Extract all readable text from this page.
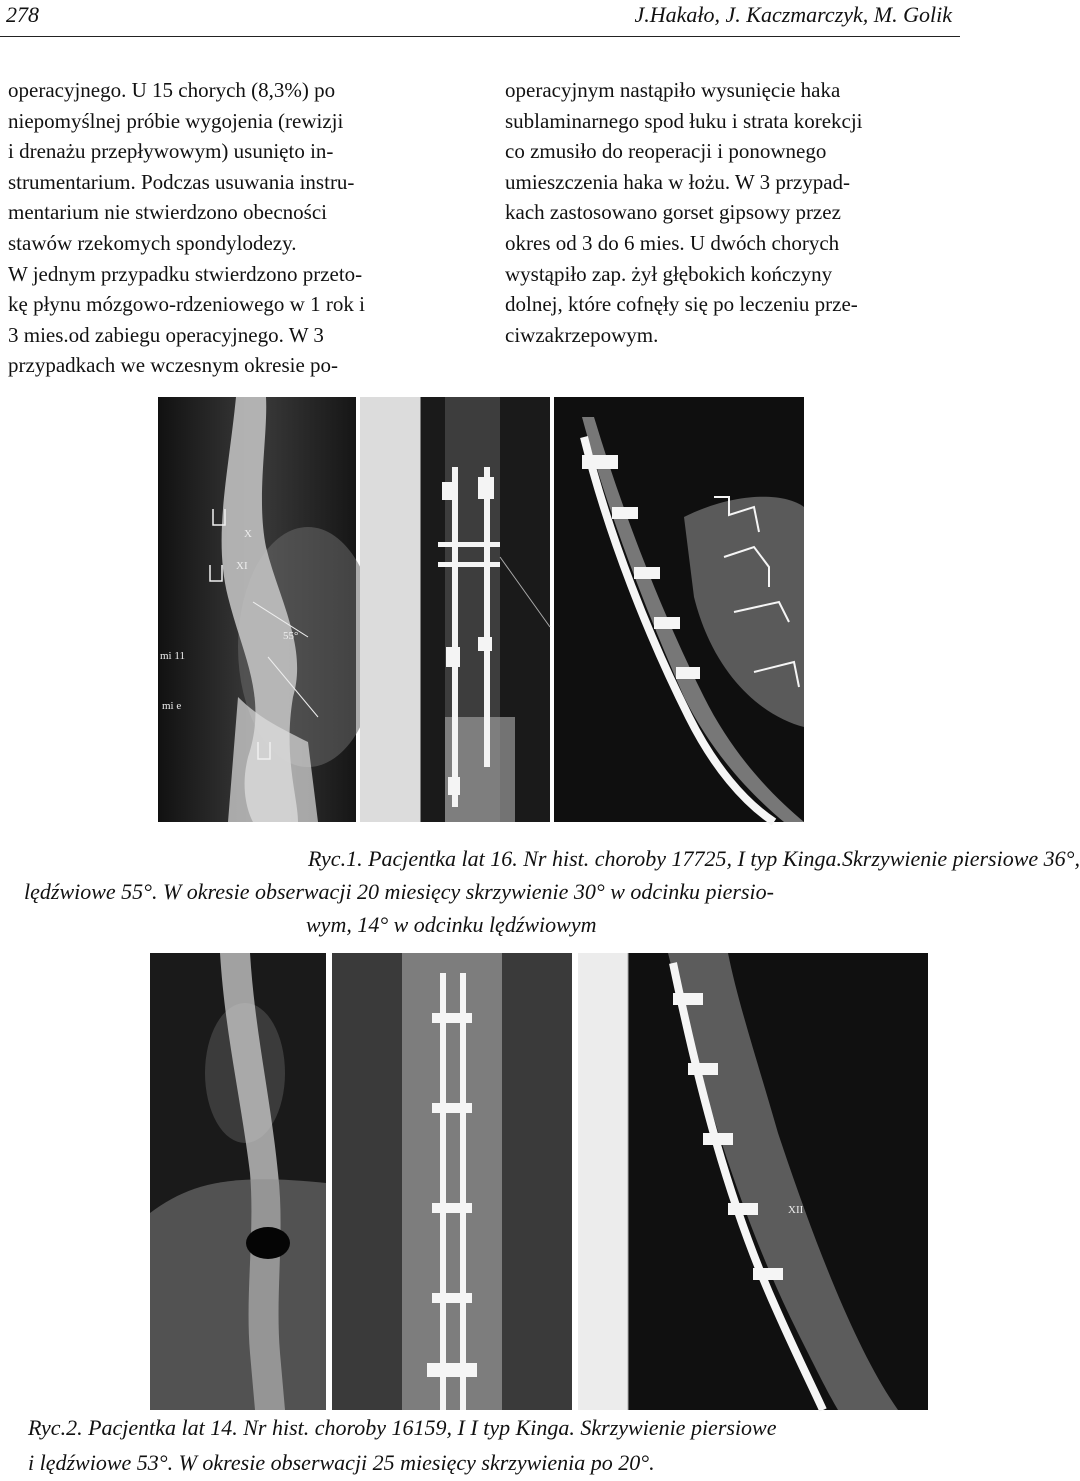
278	J.Hakało, J. Kaczmarczyk, M. Golik

operacyjnego. U 15 chorych (8,3%) po

niepomyślnej próbie wygojenia (rewizji

i drenażu przepływowym) usunięto in-

strumentarium. Podczas usuwania instru-

mentarium nie stwierdzono obecności

stawów rzekomych spondylodezy.

W jednym przypadku stwierdzono przeto-

kę płynu mózgowo-rdzeniowego w 1 rok i

3 mies.od zabiegu operacyjnego. W 3

przypadkach we wczesnym okresie po-

operacyjnym nastąpiło wysunięcie haka

sublaminarnego spod łuku i strata korekcji

co zmusiło do reoperacji i ponownego

umieszczenia haka w łożu. W 3 przypad-

kach zastosowano gorset gipsowy przez

okres od 3 do 6 mies. U dwóch chorych

wystąpiło zap. żył głębokich kończyny

dolnej, które cofnęły się po leczeniu prze-

ciwzakrzepowym.

XI
X
55°
mi 11
mi e
Ryc.1. Pacjentka lat 16. Nr hist. choroby 17725, I typ Kinga.Skrzywienie piersiowe 36°,
lędźwiowe 55°. W okresie obserwacji 20 miesięcy skrzywienie 30° w odcinku piersio-
wym, 14° w odcinku lędźwiowym
XII
Ryc.2. Pacjentka lat 14. Nr hist. choroby 16159, I I typ Kinga. Skrzywienie piersiowe
i lędźwiowe 53°. W okresie obserwacji 25 miesięcy skrzywienia po 20°.
